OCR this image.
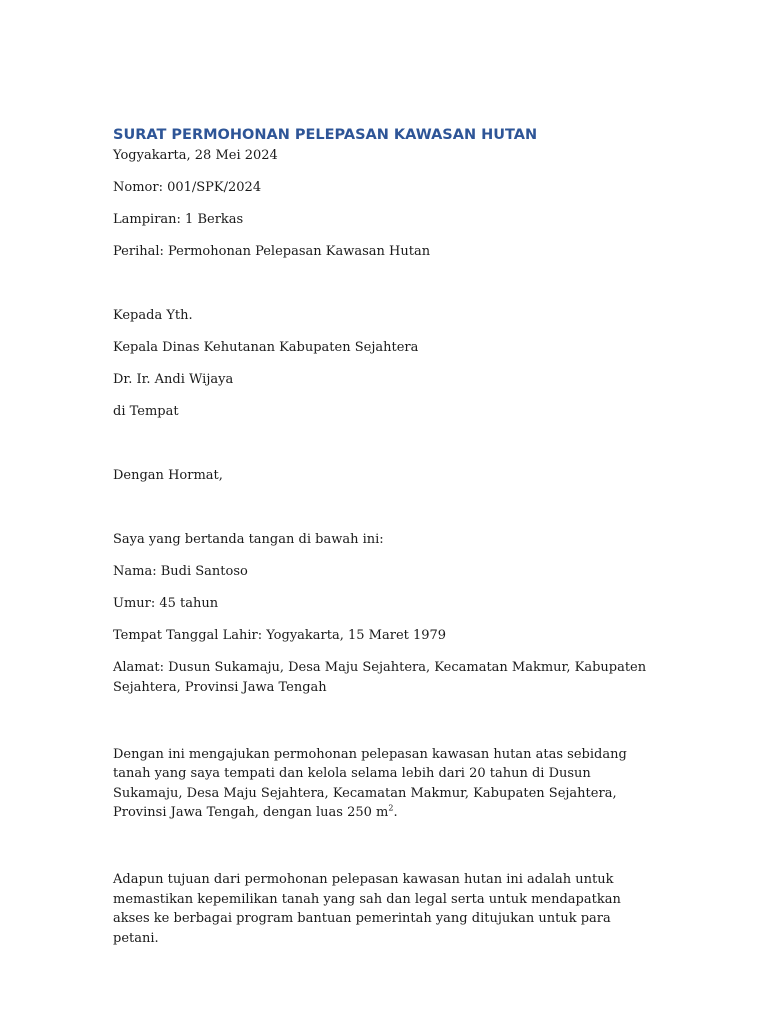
SURAT PERMOHONAN PELEPASAN KAWASAN HUTAN

Yogyakarta, 28 Mei 2024

Nomor: 001/SPK/2024

Lampiran: 1 Berkas

Perihal: Permohonan Pelepasan Kawasan Hutan

Kepada Yth.

Kepala Dinas Kehutanan Kabupaten Sejahtera

Dr. Ir. Andi Wijaya

di Tempat

Dengan Hormat,

Saya yang bertanda tangan di bawah ini:

Nama: Budi Santoso

Umur: 45 tahun

Tempat Tanggal Lahir: Yogyakarta, 15 Maret 1979

Alamat: Dusun Sukamaju, Desa Maju Sejahtera, Kecamatan Makmur, Kabupaten Sejahtera, Provinsi Jawa Tengah

Dengan ini mengajukan permohonan pelepasan kawasan hutan atas sebidang tanah yang saya tempati dan kelola selama lebih dari 20 tahun di Dusun Sukamaju, Desa Maju Sejahtera, Kecamatan Makmur, Kabupaten Sejahtera, Provinsi Jawa Tengah, dengan luas 250 $m^2$.

Adapun tujuan dari permohonan pelepasan kawasan hutan ini adalah untuk memastikan kepemilikan tanah yang sah dan legal serta untuk mendapatkan akses ke berbagai program bantuan pemerintah yang ditujukan untuk para petani.
